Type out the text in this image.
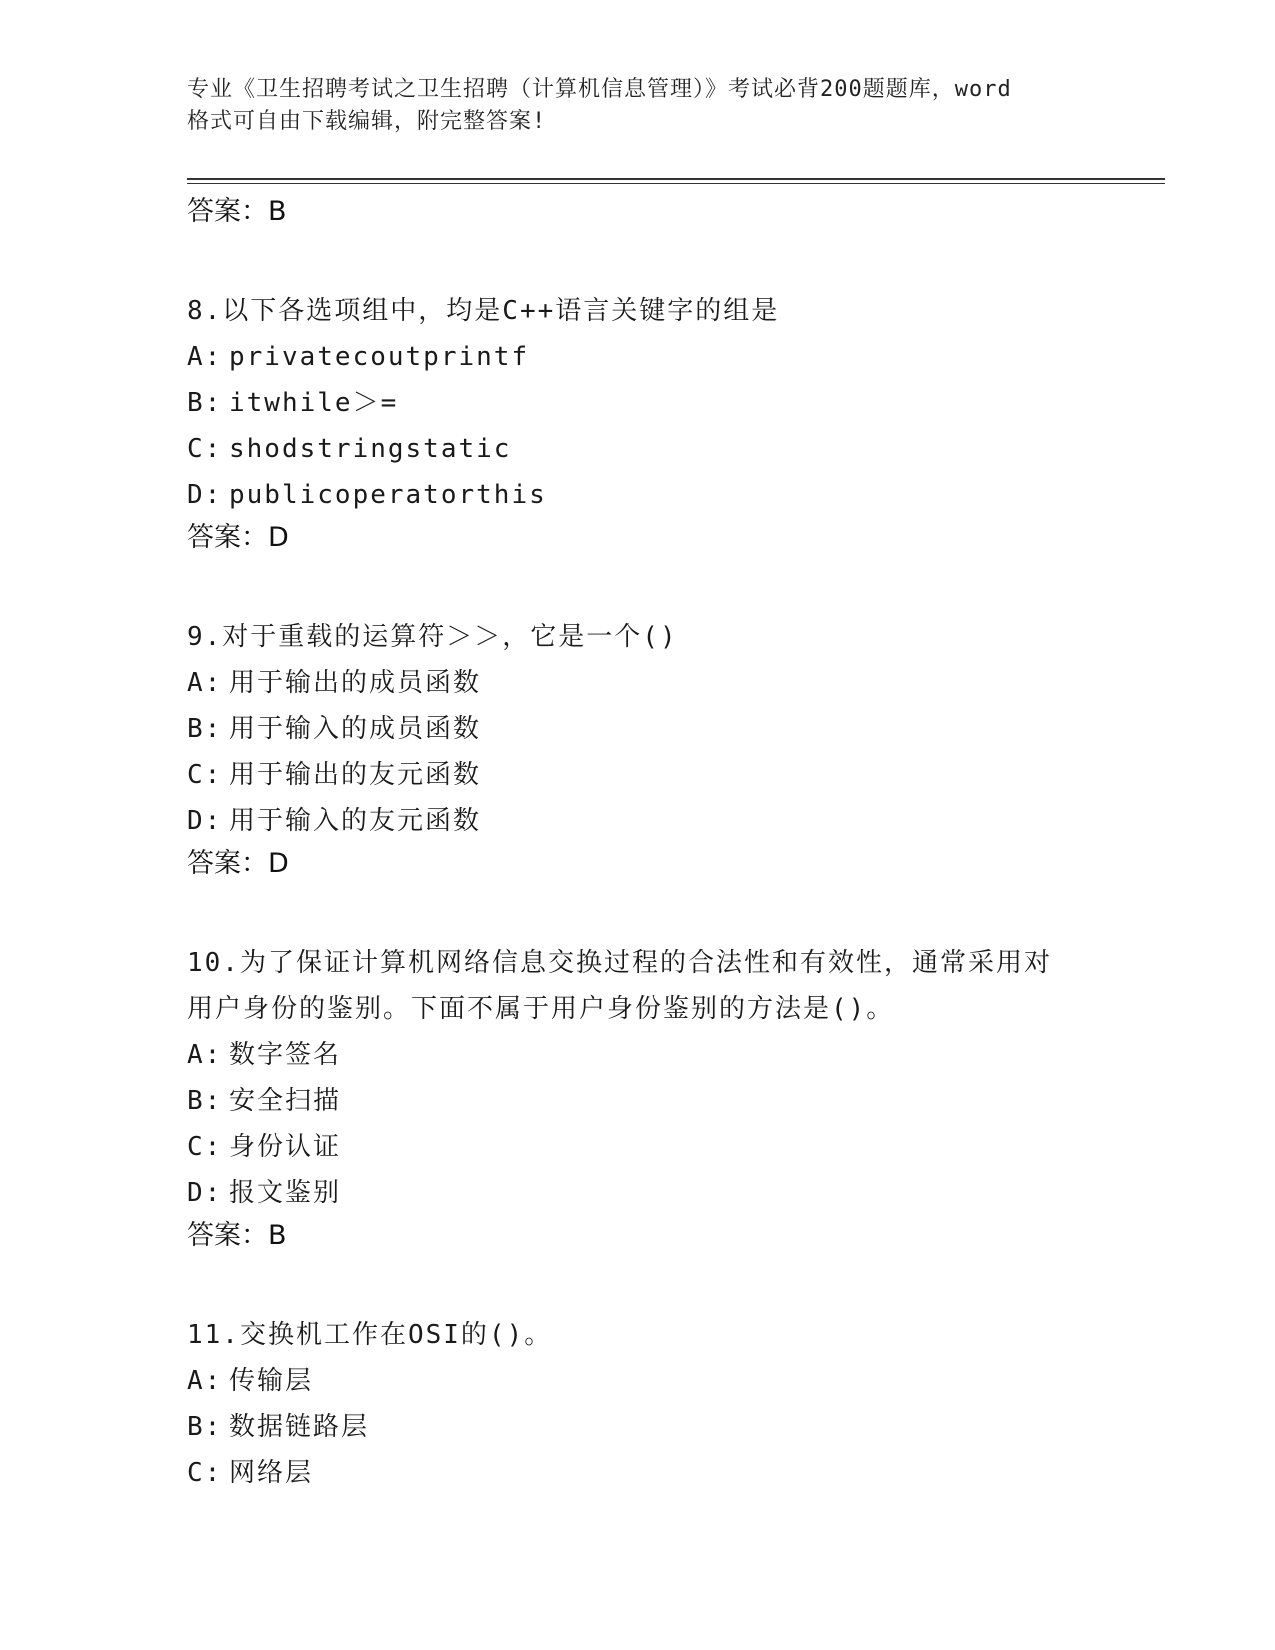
专业《卫生招聘考试之卫生招聘（计算机信息管理）》考试必背200题题库，word
格式可自由下载编辑，附完整答案!
答案：B
8.以下各选项组中，均是C++语言关键字的组是
A: privatecoutprintf
B: itwhile＞=
C: shodstringstatic
D: publicoperatorthis
答案：D
9.对于重载的运算符＞＞，它是一个()
A: 用于输出的成员函数
B: 用于输入的成员函数
C: 用于输出的友元函数
D: 用于输入的友元函数
答案：D
10.为了保证计算机网络信息交换过程的合法性和有效性，通常采用对
用户身份的鉴别。下面不属于用户身份鉴别的方法是()。
A: 数字签名
B: 安全扫描
C: 身份认证
D: 报文鉴别
答案：B
11.交换机工作在OSI的()。
A: 传输层
B: 数据链路层
C: 网络层
